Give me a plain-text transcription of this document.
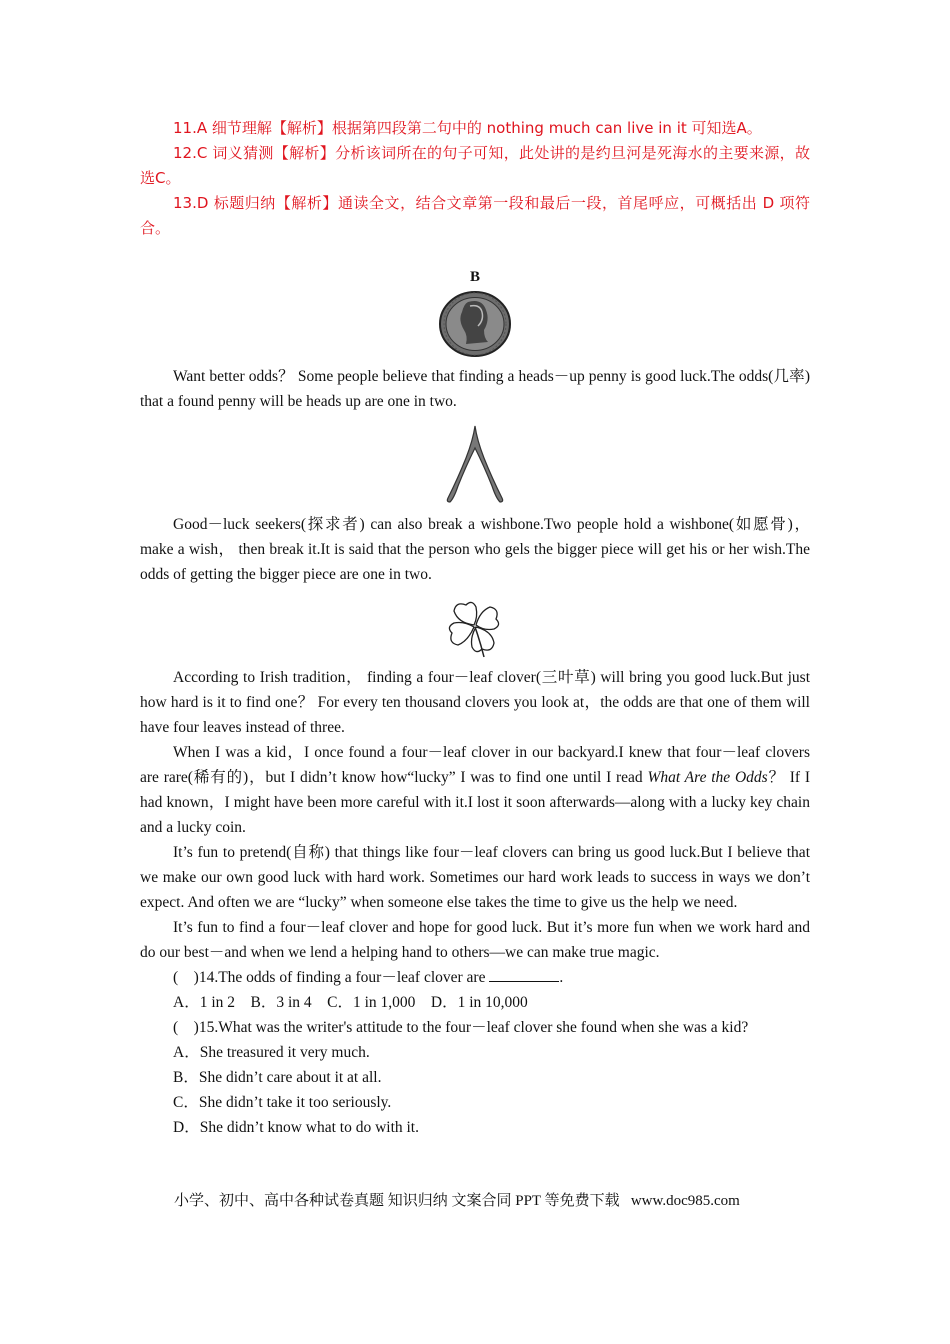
11.A 细节理解【解析】根据第四段第二句中的 nothing much can live in it 可知选A。

12.C 词义猜测【解析】分析该词所在的句子可知，此处讲的是约旦河是死海水的主要来源，故选C。

13.D 标题归纳【解析】通读全文，结合文章第一段和最后一段，首尾呼应，可概括出 D 项符合。

B

Want better odds？ Some people believe that finding a heads－up penny is good luck.The odds(几率) that a found penny will be heads up are one in two.

Good－luck seekers(探求者) can also break a wishbone.Two people hold a wishbone(如愿骨)，make a wish， then break it.It is said that the person who gels the bigger piece will get his or her wish.The odds of getting the bigger piece are one in two.

According to Irish tradition， finding a four－leaf clover(三叶草) will bring you good luck.But just how hard is it to find one？ For every ten thousand clovers you look at，the odds are that one of them will have four leaves instead of three.

When I was a kid，I once found a four－leaf clover in our backyard.I knew that four－leaf clovers are rare(稀有的)，but I didn’t know how“lucky” I was to find one until I read What Are the Odds？ If I had known，I might have been more careful with it.I lost it soon afterwards—along with a lucky key chain and a lucky coin.

It’s fun to pretend(自称) that things like four－leaf clovers can bring us good luck.But I believe that we make our own good luck with hard work. Sometimes our hard work leads to success in ways we don’t expect. And often we are “lucky” when someone else takes the time to give us the help we need.

It’s fun to find a four－leaf clover and hope for good luck. But it’s more fun when we work hard and do our best－and when we lend a helping hand to others—we can make true magic.

(　)14.The odds of finding a four－leaf clover are	.

A．1 in 2　B．3 in 4　C．1 in 1,000　D．1 in 10,000

(　)15.What was the writer's attitude to the four－leaf clover she found when she was a kid?

A．She treasured it very much.

B．She didn’t care about it at all.

C．She didn’t take it too seriously.

D．She didn’t know what to do with it.

小学、初中、高中各种试卷真题 知识归纳 文案合同 PPT 等免费下载 www.doc985.com
